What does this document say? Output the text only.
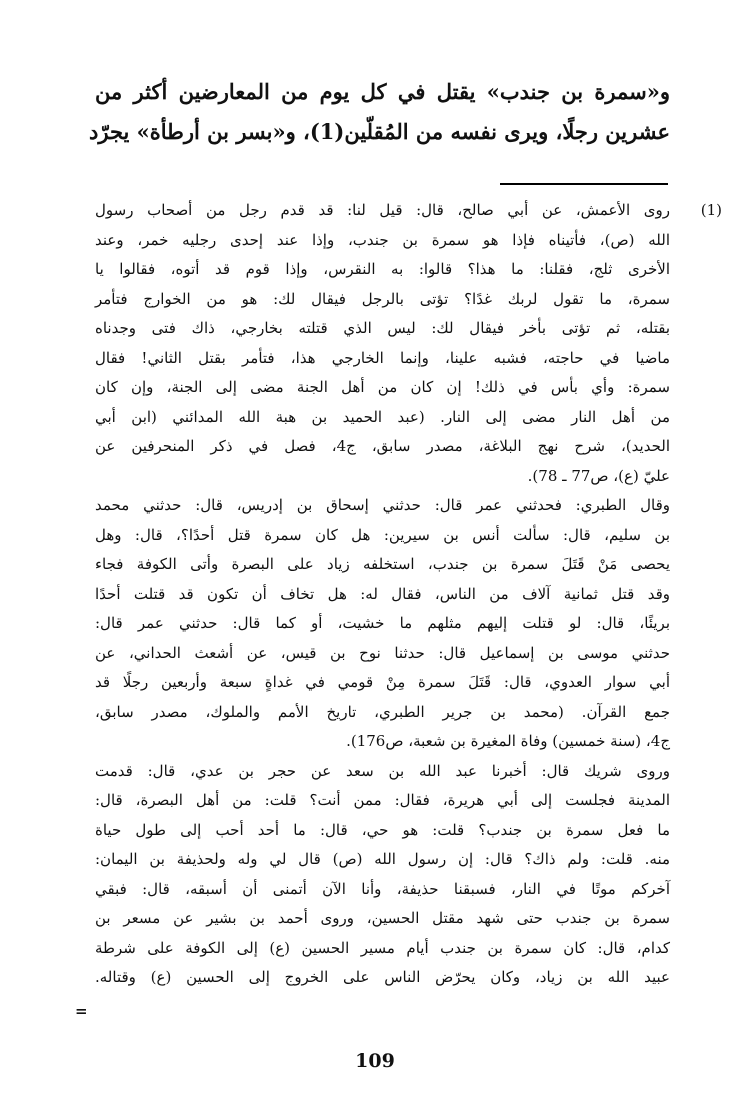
و«سمرة بن جندب» يقتل في كل يوم من المعارضين أكثر من
عشرين رجلًا، ويرى نفسه من المُقلّين(1)، و«بسر بن أرطأة» يجرّد
(1)
روى الأعمش، عن أبي صالح، قال: قيل لنا: قد قدم رجل من أصحاب رسول
الله (ص)، فأتيناه فإذا هو سمرة بن جندب، وإذا عند إحدى رجليه خمر، وعند
الأخرى ثلج، فقلنا: ما هذا؟ قالوا: به النقرس، وإذا قوم قد أتوه، فقالوا يا
سمرة، ما تقول لربك غدًا؟ تؤتى بالرجل فيقال لك: هو من الخوارج فتأمر
بقتله، ثم تؤتى بأخر فيقال لك: ليس الذي قتلته بخارجي، ذاك فتى وجدناه
ماضيا في حاجته، فشبه علينا، وإنما الخارجي هذا، فتأمر بقتل الثاني! فقال
سمرة: وأي بأس في ذلك! إن كان من أهل الجنة مضى إلى الجنة، وإن كان
من أهل النار مضى إلى النار. (عبد الحميد بن هبة الله المدائني (ابن أبي
الحديد)، شرح نهج البلاغة، مصدر سابق، ج4، فصل في ذكر المنحرفين عن
عليّ (ع)، ص77 ـ 78).
وقال الطبري: فحدثني عمر قال: حدثني إسحاق بن إدريس، قال: حدثني محمد
بن سليم، قال: سألت أنس بن سيرين: هل كان سمرة قتل أحدًا؟، قال: وهل
يحصى مَنْ قَتَلَ سمرة بن جندب، استخلفه زياد على البصرة وأتى الكوفة فجاء
وقد قتل ثمانية آلاف من الناس، فقال له: هل تخاف أن تكون قد قتلت أحدًا
بريئًا، قال: لو قتلت إليهم مثلهم ما خشيت، أو كما قال: حدثني عمر قال:
حدثني موسى بن إسماعيل قال: حدثنا نوح بن قيس، عن أشعث الحداني، عن
أبي سوار العدوي، قال: قَتَلَ سمرة مِنْ قومي في غداةٍ سبعة وأربعين رجلًا قد
جمع القرآن. (محمد بن جرير الطبري، تاريخ الأمم والملوك، مصدر سابق،
ج4، (سنة خمسين) وفاة المغيرة بن شعبة، ص176).
وروى شريك قال: أخبرنا عبد الله بن سعد عن حجر بن عدي، قال: قدمت
المدينة فجلست إلى أبي هريرة، فقال: ممن أنت؟ قلت: من أهل البصرة، قال:
ما فعل سمرة بن جندب؟ قلت: هو حي، قال: ما أحد أحب إلى طول حياة
منه. قلت: ولم ذاك؟ قال: إن رسول الله (ص) قال لي وله ولحذيفة بن اليمان:
آخركم موتًا في النار، فسبقنا حذيفة، وأنا الآن أتمنى أن أسبقه، قال: فبقي
سمرة بن جندب حتى شهد مقتل الحسين، وروى أحمد بن بشير عن مسعر بن
كدام، قال: كان سمرة بن جندب أيام مسير الحسين (ع) إلى الكوفة على شرطة
عبيد الله بن زياد، وكان يحرّض الناس على الخروج إلى الحسين (ع) وقتاله.
=
109
